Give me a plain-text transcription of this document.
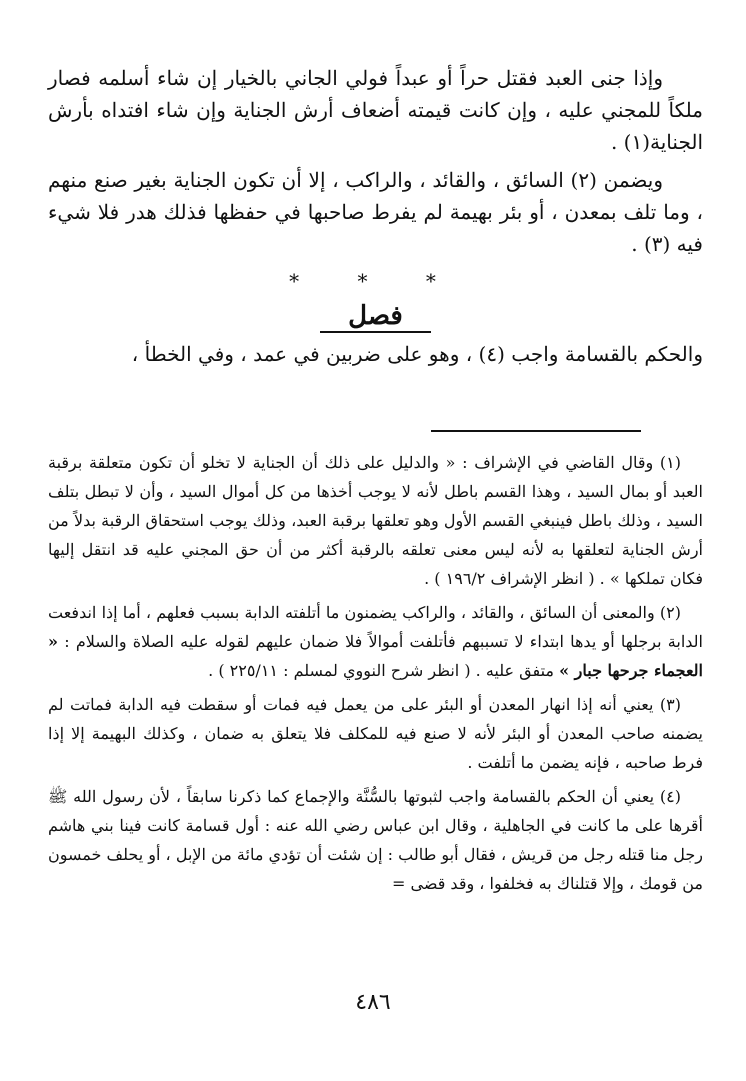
وإذا جنى العبد فقتل حراً أو عبداً فولي الجاني بالخيار إن شاء أسلمه فصار ملكاً للمجني عليه ، وإن كانت قيمته أضعاف أرش الجناية وإن شاء افتداه بأرش الجناية(١) .

ويضمن (٢) السائق ، والقائد ، والراكب ، إلا أن تكون الجناية بغير صنع منهم ، وما تلف بمعدن ، أو بئر بهيمة لم يفرط صاحبها في حفظها فذلك هدر فلا شيء فيه (٣) .

* * *
فصل

والحكم بالقسامة واجب (٤) ، وهو على ضربين في عمد ، وفي الخطأ ،

(١) وقال القاضي في الإشراف : « والدليل على ذلك أن الجناية لا تخلو أن تكون متعلقة برقبة العبد أو بمال السيد ، وهذا القسم باطل لأنه لا يوجب أخذها من كل أموال السيد ، وأن لا تبطل بتلف السيد ، وذلك باطل فينبغي القسم الأول وهو تعلقها برقبة العبد، وذلك يوجب استحقاق الرقبة بدلاً من أرش الجناية لتعلقها به لأنه ليس معنى تعلقه بالرقبة أكثر من أن حق المجني عليه قد انتقل إليها فكان تملكها » . ( انظر الإشراف ١٩٦/٢ ) .

(٢) والمعنى أن السائق ، والقائد ، والراكب يضمنون ما أتلفته الدابة بسبب فعلهم ، أما إذا اندفعت الدابة برجلها أو يدها ابتداء لا تسببهم فأتلفت أموالاً فلا ضمان عليهم لقوله عليه الصلاة والسلام : « العجماء جرحها جبار » متفق عليه . ( انظر شرح النووي لمسلم : ٢٢٥/١١ ) .

(٣) يعني أنه إذا انهار المعدن أو البئر على من يعمل فيه فمات أو سقطت فيه الدابة فماتت لم يضمنه صاحب المعدن أو البئر لأنه لا صنع فيه للمكلف فلا يتعلق به ضمان ، وكذلك البهيمة إلا إذا فرط صاحبه ، فإنه يضمن ما أتلفت .

(٤) يعني أن الحكم بالقسامة واجب لثبوتها بالسُّنَّة والإجماع كما ذكرنا سابقاً ، لأن رسول الله ﷺ أقرها على ما كانت في الجاهلية ، وقال ابن عباس رضي الله عنه : أول قسامة كانت فينا بني هاشم رجل منا قتله رجل من قريش ، فقال أبو طالب : إن شئت أن تؤدي مائة من الإبل ، أو يحلف خمسون من قومك ، وإلا قتلناك به فخلفوا ، وقد قضى =

٤٨٦
